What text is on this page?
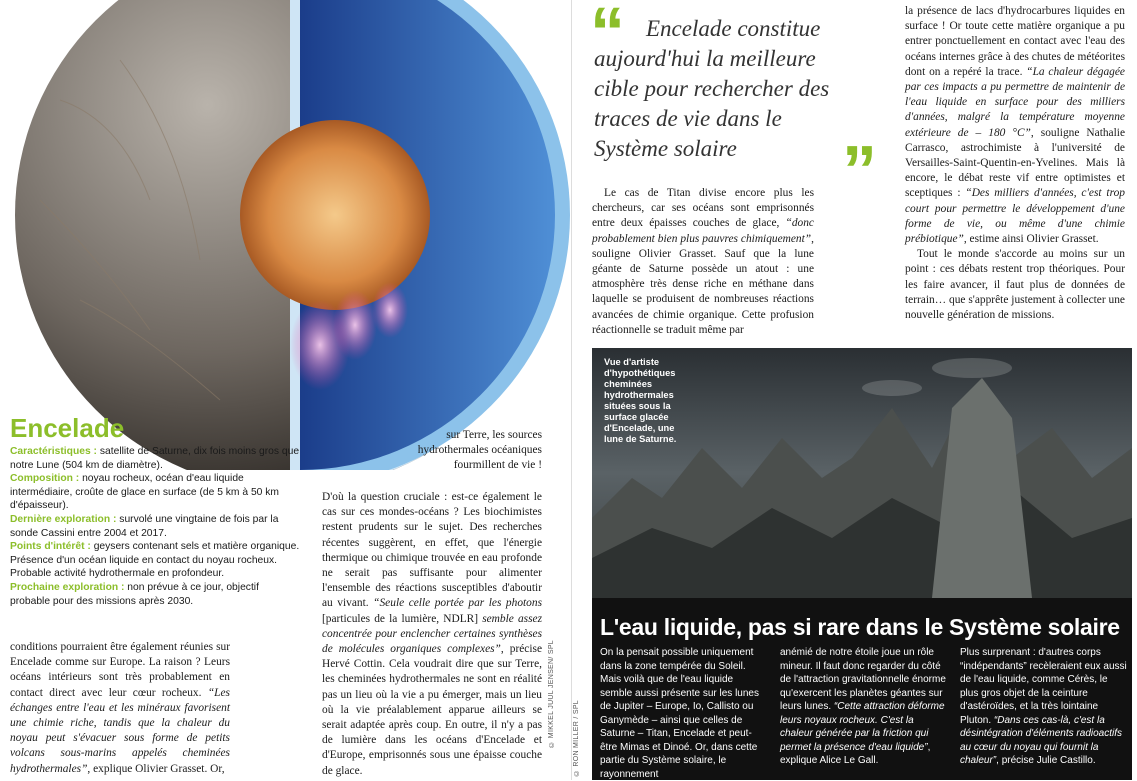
Encelade
Caractéristiques : satellite de Saturne, dix fois moins gros que notre Lune (504 km de diamètre).
Composition : noyau rocheux, océan d'eau liquide intermédiaire, croûte de glace en surface (de 5 km à 50 km d'épaisseur).
Dernière exploration : survolé une vingtaine de fois par la sonde Cassini entre 2004 et 2017.
Points d'intérêt : geysers contenant sels et matière organique. Présence d'un océan liquide en contact du noyau rocheux. Probable activité hydrothermale en profondeur.
Prochaine exploration : non prévue à ce jour, objectif probable pour des missions après 2030.
conditions pourraient être également réunies sur Encelade comme sur Europe. La raison ? Leurs océans intérieurs sont très probablement en contact direct avec leur cœur rocheux. “Les échanges entre l'eau et les minéraux favorisent une chimie riche, tandis que la chaleur du noyau peut s'évacuer sous forme de petits volcans sous-marins appelés cheminées hydrothermales”, explique Olivier Grasset. Or,
sur Terre, les sources hydrothermales océaniques fourmillent de vie !
D'où la question cruciale : est-ce également le cas sur ces mondes-océans ? Les biochimistes restent prudents sur le sujet. Des recherches récentes suggèrent, en effet, que l'énergie thermique ou chimique trouvée en eau profonde ne serait pas suffisante pour alimenter l'ensemble des réactions susceptibles d'aboutir au vivant. “Seule celle portée par les photons [particules de la lumière, NDLR] semble assez concentrée pour enclencher certaines synthèses de molécules organiques complexes”, précise Hervé Cottin. Cela voudrait dire que sur Terre, les cheminées hydrothermales ne sont en réalité pas un lieu où la vie a pu émerger, mais un lieu où la vie préalablement apparue ailleurs se serait adaptée après coup. En outre, il n'y a pas de lumière dans les océans d'Encelade et d'Europe, emprisonnés sous une épaisse couche de glace.
© MIKKEL JUUL JENSEN/ SPL	© RON MILLER / SPL
“ Encelade constitue aujourd'hui la meilleure cible pour rechercher des traces de vie dans le Système solaire	”
Le cas de Titan divise encore plus les chercheurs, car ses océans sont emprisonnés entre deux épaisses couches de glace, “donc probablement bien plus pauvres chimiquement”, souligne Olivier Grasset. Sauf que la lune géante de Saturne possède un atout : une atmosphère très dense riche en méthane dans laquelle se produisent de nombreuses réactions avancées de chimie organique. Cette profusion réactionnelle se traduit même par
la présence de lacs d'hydrocarbures liquides en surface ! Or toute cette matière organique a pu entrer ponctuellement en contact avec l'eau des océans internes grâce à des chutes de météorites dont on a repéré la trace. “La chaleur dégagée par ces impacts a pu permettre de maintenir de l'eau liquide en surface pour des milliers d'années, malgré la température moyenne extérieure de – 180 °C”, souligne Nathalie Carrasco, astrochimiste à l'université de Versailles-Saint-Quentin-en-Yvelines. Mais là encore, le débat reste vif entre optimistes et sceptiques : “Des milliers d'années, c'est trop court pour permettre le développement d'une forme de vie, ou même d'une chimie prébiotique”, estime ainsi Olivier Grasset.
Tout le monde s'accorde au moins sur un point : ces débats restent trop théoriques. Pour les faire avancer, il faut plus de données de terrain… que s'apprête justement à collecter une nouvelle génération de missions.
Vue d'artiste d'hypothétiques cheminées hydrothermales situées sous la surface glacée d'Encelade, une lune de Saturne.
L'eau liquide, pas si rare dans le Système solaire
On la pensait possible uniquement dans la zone tempérée du Soleil. Mais voilà que de l'eau liquide semble aussi présente sur les lunes de Jupiter – Europe, Io, Callisto ou Ganymède – ainsi que celles de Saturne – Titan, Encelade et peut-être Mimas et Dinoé. Or, dans cette partie du Système solaire, le rayonnement
anémié de notre étoile joue un rôle mineur. Il faut donc regarder du côté de l'attraction gravitationnelle énorme qu'exercent les planètes géantes sur leurs lunes. “Cette attraction déforme leurs noyaux rocheux. C'est la chaleur générée par la friction qui permet la présence d'eau liquide”, explique Alice Le Gall.
Plus surprenant : d'autres corps “indépendants” recèleraient eux aussi de l'eau liquide, comme Cérès, le plus gros objet de la ceinture d'astéroïdes, et la très lointaine Pluton. “Dans ces cas-là, c'est la désintégration d'éléments radioactifs au cœur du noyau qui fournit la chaleur”, précise Julie Castillo.
